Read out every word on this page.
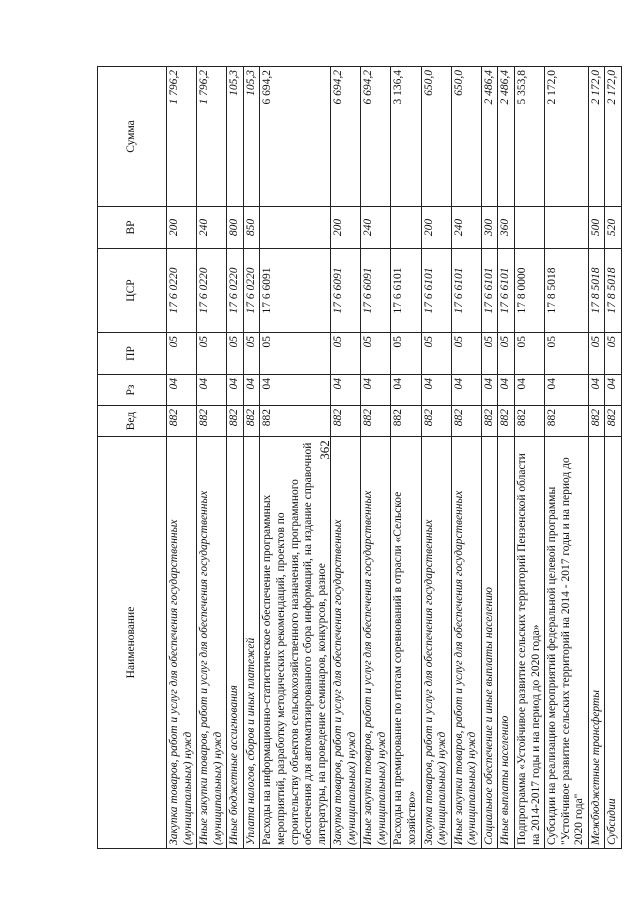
362
Наименование	Вед	Рз	ПР	ЦСР	ВР	Сумма
Закупка товаров, работ и услуг для обеспечения государственных (муниципальных) нужд	882	04	05	17 6 0220	200	1 796,2
Иные закупки товаров, работ и услуг для обеспечения государственных (муниципальных) нужд	882	04	05	17 6 0220	240	1 796,2
Иные бюджетные ассигнования	882	04	05	17 6 0220	800	105,3
Уплата налогов, сборов и иных платежей	882	04	05	17 6 0220	850	105,3
Расходы на информационно-статистическое обеспечение программных мероприятий, разработку методических рекомендаций, проектов по строительству объектов сельскохозяйственного назначения, программного обеспечения для автоматизированного сбора информаций, на издание справочной литературы, на проведение семинаров, конкурсов, разное	882	04	05	17 6 6091		6 694,2
Закупка товаров, работ и услуг для обеспечения государственных (муниципальных) нужд	882	04	05	17 6 6091	200	6 694,2
Иные закупки товаров, работ и услуг для обеспечения государственных (муниципальных) нужд	882	04	05	17 6 6091	240	6 694,2
Расходы на премирование по итогам соревнований в отрасли «Сельское хозяйство»	882	04	05	17 6 6101		3 136,4
Закупка товаров, работ и услуг для обеспечения государственных (муниципальных) нужд	882	04	05	17 6 6101	200	650,0
Иные закупки товаров, работ и услуг для обеспечения государственных (муниципальных) нужд	882	04	05	17 6 6101	240	650,0
Социальное обеспечение и иные выплаты населению	882	04	05	17 6 6101	300	2 486,4
Иные выплаты населению	882	04	05	17 6 6101	360	2 486,4
Подпрограмма «Устойчивое развитие сельских территорий Пензенской области на 2014-2017 годы и на период до 2020 года»	882	04	05	17 8 0000		5 353,8
Субсидии на реализацию мероприятий федеральной целевой программы "Устойчивое развитие сельских территорий на 2014 - 2017 годы и на период до 2020 года"	882	04	05	17 8 5018		2 172,0
Межбюджетные трансферты	882	04	05	17 8 5018	500	2 172,0
Субсидии	882	04	05	17 8 5018	520	2 172,0
